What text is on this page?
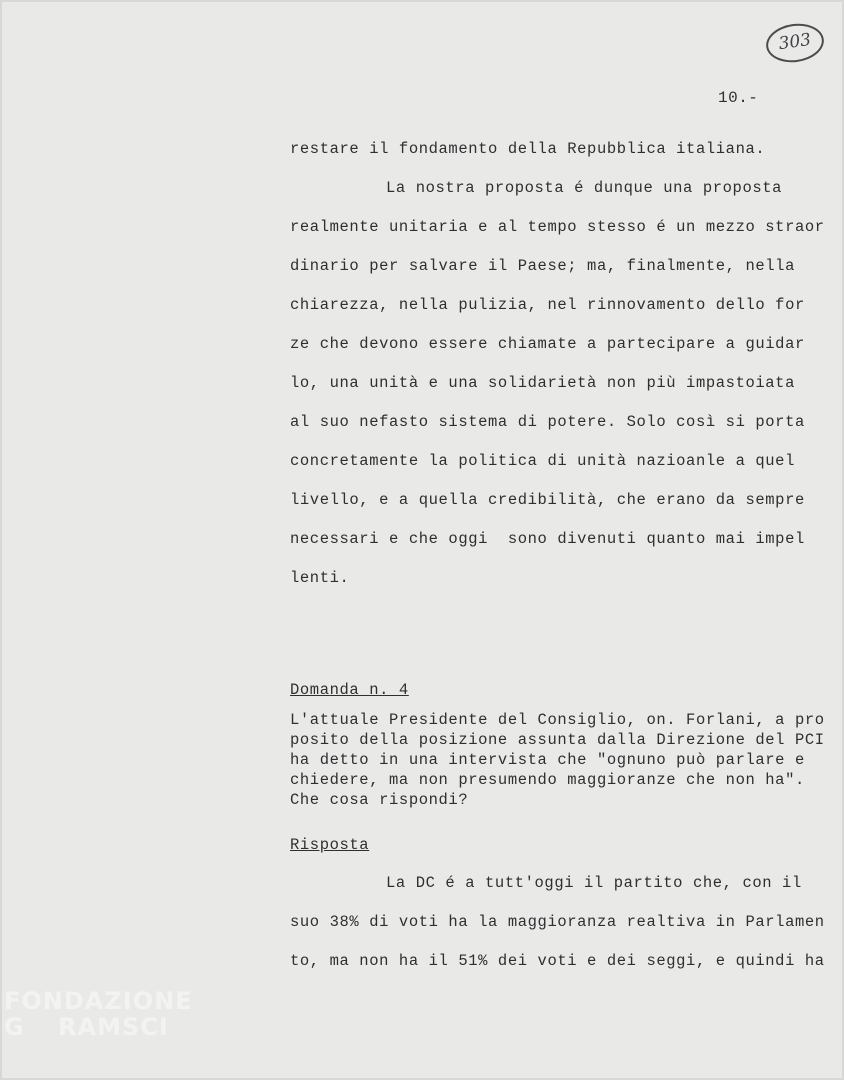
303
10.-
restare il fondamento della Repubblica italiana.
La nostra proposta é dunque una proposta
realmente unitaria e al tempo stesso é un mezzo straor
dinario per salvare il Paese; ma, finalmente, nella
chiarezza, nella pulizia, nel rinnovamento dello for
ze che devono essere chiamate a partecipare a guidar
lo, una unità e una solidarietà non più impastoiata
al suo nefasto sistema di potere. Solo così si porta
concretamente la politica di unità nazioanle a quel
livello, e a quella credibilità, che erano da sempre
necessari e che oggi  sono divenuti quanto mai impel
lenti.
Domanda n. 4
L'attuale Presidente del Consiglio, on. Forlani, a pro
posito della posizione assunta dalla Direzione del PCI
ha detto in una intervista che "ognuno può parlare e
chiedere, ma non presumendo maggioranze che non ha".
Che cosa rispondi?
Risposta
La DC é a tutt'oggi il partito che, con il
suo 38% di voti ha la maggioranza realtiva in Parlamen
to, ma non ha il 51% dei voti e dei seggi, e quindi ha
FONDAZIONE
G RAMSCI
